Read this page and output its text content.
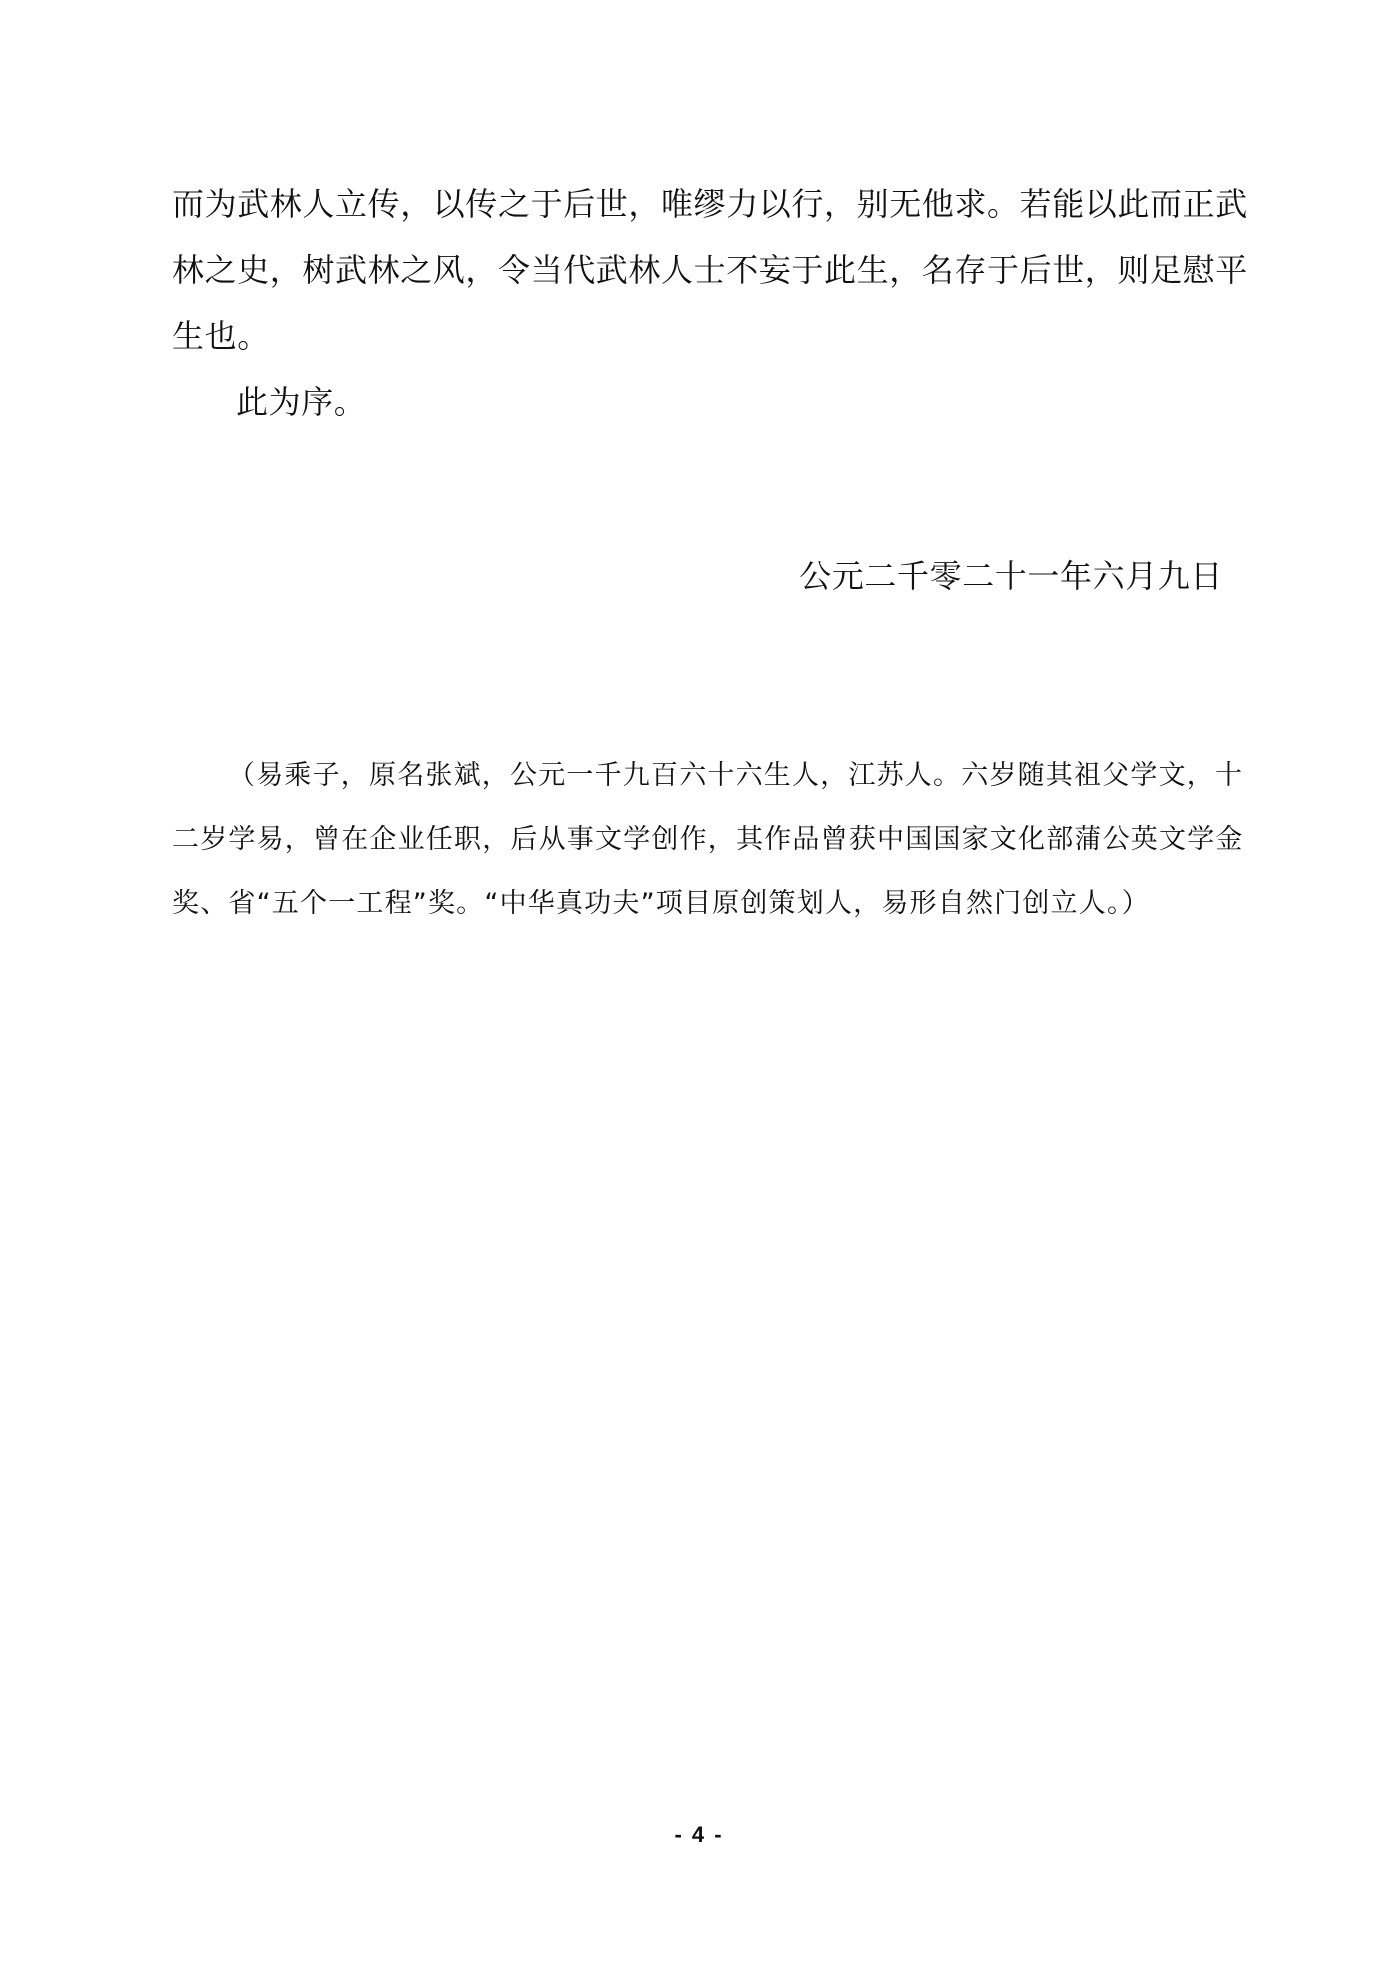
而为武林人立传，以传之于后世，唯缪力以行，别无他求。若能以此而正武
林之史，树武林之风，令当代武林人士不妄于此生，名存于后世，则足慰平
生也。
此为序。
公元二千零二十一年六月九日
（易乘子，原名张斌，公元一千九百六十六生人，江苏人。六岁随其祖父学文，十
二岁学易，曾在企业任职，后从事文学创作，其作品曾获中国国家文化部蒲公英文学金
奖、省“五个一工程”奖。“中华真功夫”项目原创策划人，易形自然门创立人。）
- 4 -
